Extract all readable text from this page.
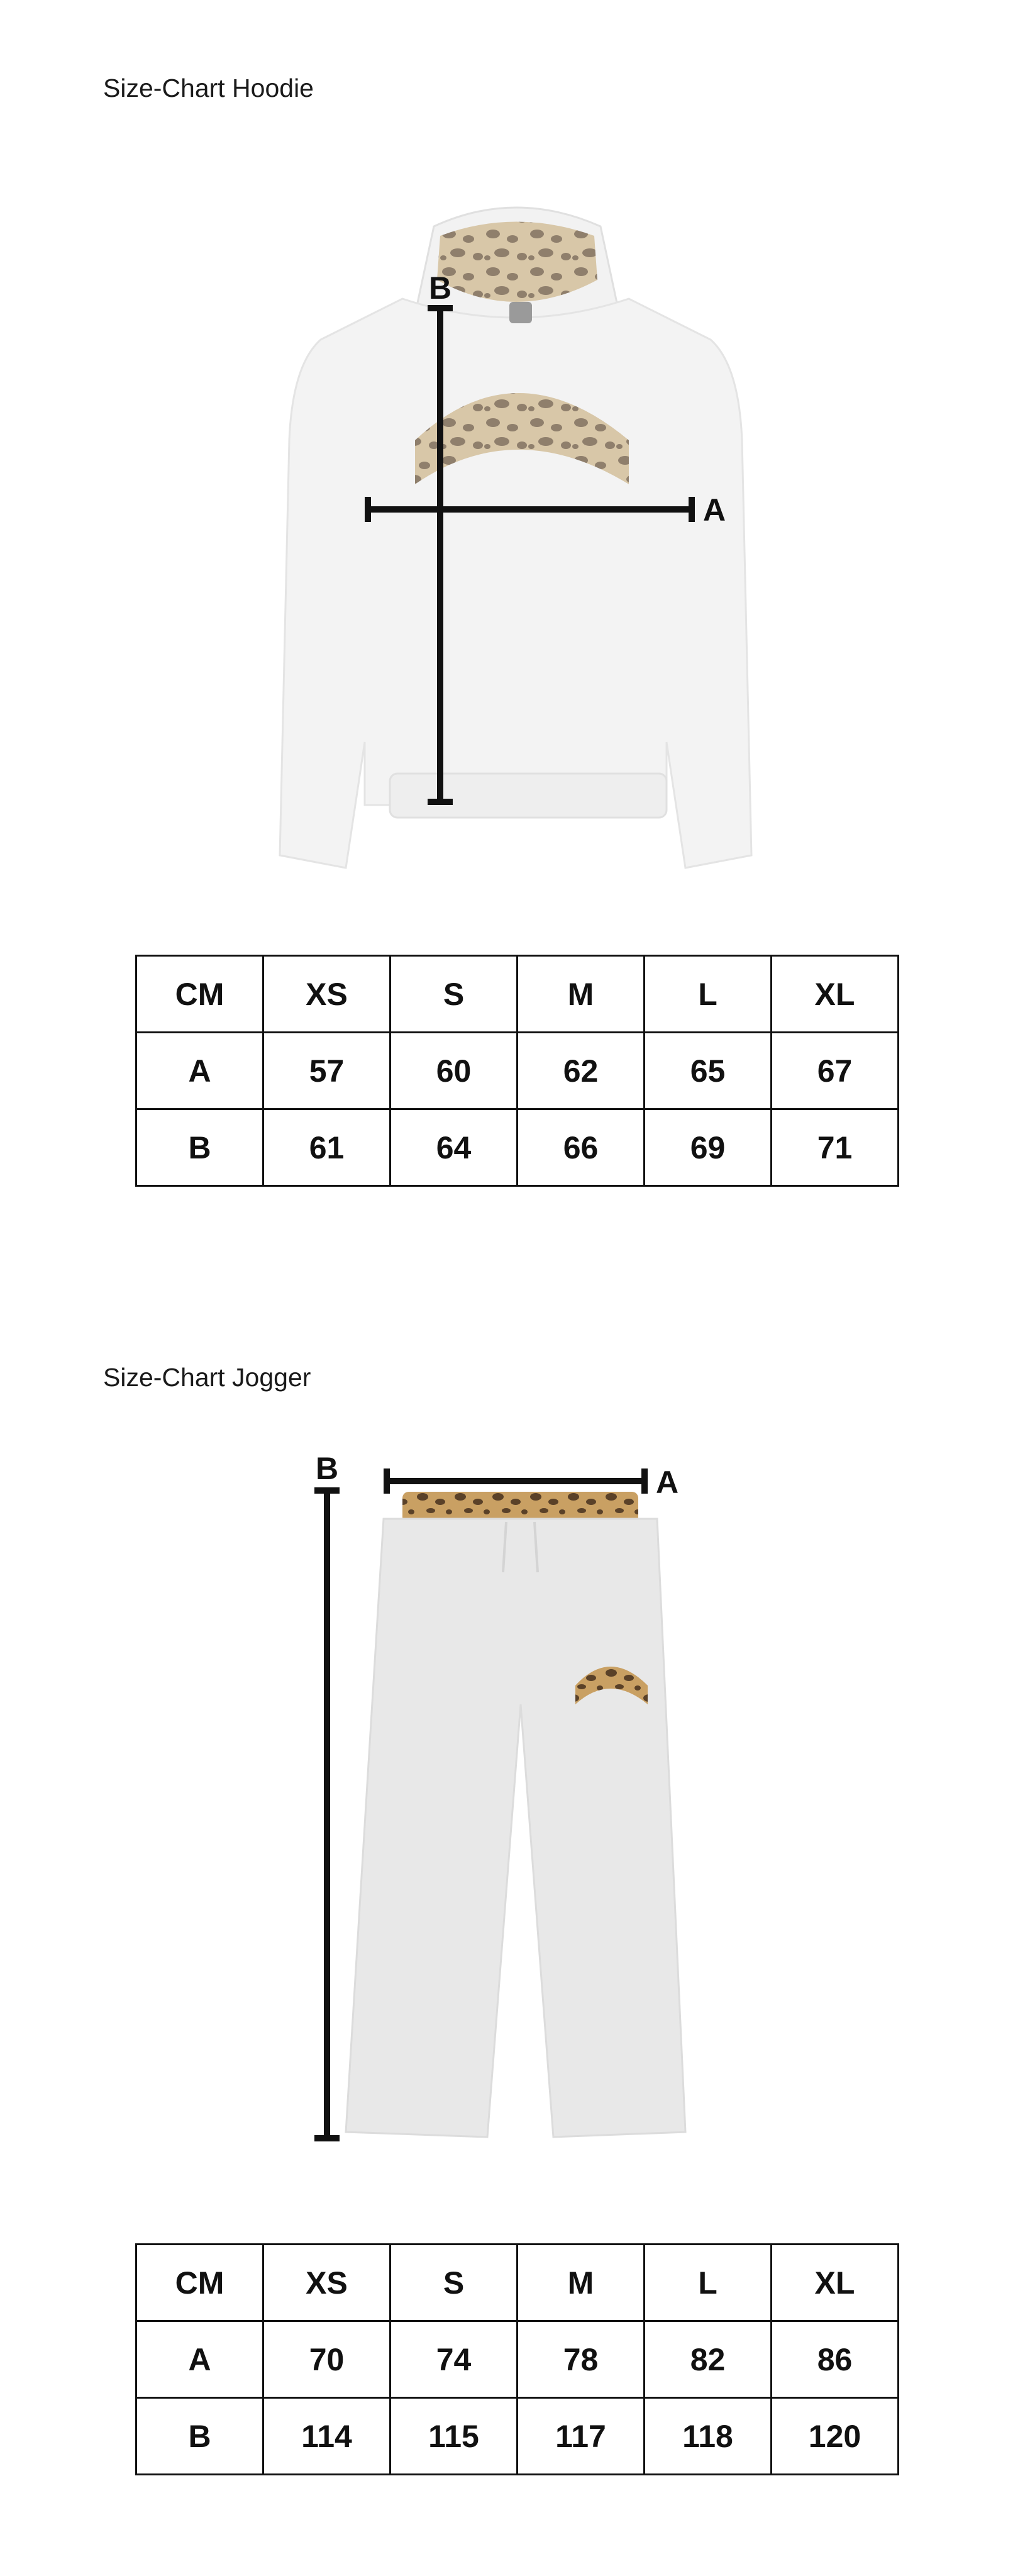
Size-Chart Hoodie
B
A
CM	XS	S	M	L	XL
A	57	60	62	65	67
B	61	64	66	69	71
Size-Chart Jogger
A
B
CM	XS	S	M	L	XL
A	70	74	78	82	86
B	114	115	117	118	120
